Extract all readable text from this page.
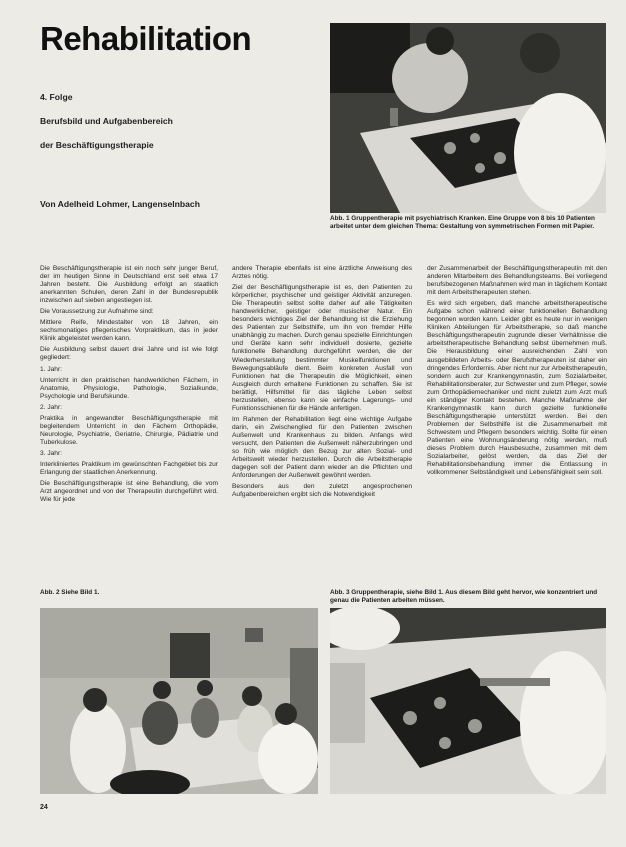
Rehabilitation
4. Folge
Berufsbild und Aufgabenbereich
der Beschäftigungstherapie
Von Adelheid Lohmer, Langenselnbach
Abb. 1 Gruppentherapie mit psychiatrisch Kranken. Eine Gruppe von 8 bis 10 Patienten arbeitet unter dem gleichen Thema: Gestaltung von symmetrischen Formen mit Papier.

Die Beschäftigungstherapie ist ein noch sehr junger Beruf, der im heutigen Sinne in Deutschland erst seit etwa 17 Jahren besteht. Die Ausbildung erfolgt an staatlich anerkannten Schulen, deren Zahl in der Bundesrepublik inzwischen auf sieben angestiegen ist.

Die Voraussetzung zur Aufnahme sind:

Mittlere Reife, Mindestalter von 18 Jahren, ein sechsmonatiges pflegerisches Vorpraktikum, das in jeder Klinik abgeleistet werden kann.

Die Ausbildung selbst dauert drei Jahre und ist wie folgt gegliedert:

1. Jahr:

Unterricht in den praktischen handwerklichen Fächern, in Anatomie, Physiologie, Pathologie, Sozialkunde, Psychologie und Berufskunde.

2. Jahr:

Praktika in angewandter Beschäftigungstherapie mit begleitendem Unterricht in den Fächern Orthopädie, Neurologie, Psychiatrie, Geriatrie, Chirurgie, Pädiatrie und Tuberkulose.

3. Jahr:

Interkliniertes Praktikum im gewünschten Fachgebiet bis zur Erlangung der staatlichen Anerkennung.

Die Beschäftigungstherapie ist eine Behandlung, die vom Arzt angeordnet und von der Therapeutin durchgeführt wird. Wie für jede

andere Therapie ebenfalls ist eine ärztliche Anweisung des Arztes nötig.

Ziel der Beschäftigungstherapie ist es, den Patienten zu körperlicher, psychischer und geistiger Aktivität anzuregen. Die Therapeutin selbst sollte daher auf alle Tätigkeiten handwerklicher, geistiger oder musischer Natur. Ein besonders wichtiges Ziel der Behandlung ist die Erziehung des Patienten zur Selbsthilfe, um ihn von fremder Hilfe unabhängig zu machen. Durch genau spezielle Einrichtungen und Geräte kann sehr individuell dosierte, gezielte funktionelle Behandlung durchgeführt werden, die der Wiederherstellung bestimmter Muskelfunktionen und Bewegungsabläufe dient. Beim konkreten Ausfall von Funktionen hat die Therapeutin die Möglichkeit, einen Ausgleich durch erhaltene Funktionen zu schaffen. Sie ist berättigt, Hilfsmittel für das tägliche Leben selbst herzustellen, ebenso kann sie einfache Lagerungs- und Funktionsschienen für die Hände anfertigen.

Im Rahmen der Rehabilitation liegt eine wichtige Aufgabe darin, ein Zwischenglied für den Patienten zwischen Außenwelt und Krankenhaus zu bilden. Anfangs wird versucht, den Patienten die Außenwelt näherzubringen und so früh wie möglich den Bezug zur alten Sozial- und Arbeitswelt wieder herzustellen. Durch die Arbeitstherapie dagegen soll der Patient dann wieder an die Pflichten und Anforderungen der Außenwelt gewöhnt werden.

Besonders aus den zuletzt angesprochenen Aufgabenbereichen ergibt sich die Notwendigkeit

der Zusammenarbeit der Beschäftigungstherapeutin mit den anderen Mitarbeitern des Behandlungsteams. Bei vorliegend berufsbezogenen Maßnahmen wird man in täglichem Kontakt mit dem Arbeitstherapeuten stehen.

Es wird sich ergeben, daß manche arbeitstherapeutische Aufgabe schon während einer funktionellen Behandlung begonnen worden kann. Leider gibt es heute nur in wenigen Kliniken Abteilungen für Arbeitstherapie, so daß manche Beschäftigungstherapeutin zugrunde dieser Verhältnisse die arbeitstherapeutische Behandlung selbst übernehmen muß. Die Herausbildung einer ausreichenden Zahl von ausgebildeten Arbeits- oder Berufstherapeuten ist daher ein dringendes Erfordernis. Aber nicht nur zur Arbeitstherapeutin, sondern auch zur Krankengymnastin, zum Sozialarbeiter, Rehabilitationsberater, zur Schwester und zum Pfleger, sowie zum Orthopädiemechaniker und nicht zuletzt zum Arzt muß ein ständiger Kontakt bestehen. Manche Maßnahme der Krankengymnastik kann durch gezielte funktionelle Beschäftigungstherapie unterstützt werden. Bei den Problemen der Selbsthilfe ist die Zusammenarbeit mit Schwestern und Pflegern besonders wichtig. Sollte für einen Patienten eine Wohnungsänderung nötig werden, muß dieses Problem durch Hausbesuche, zusammen mit dem Sozialarbeiter, gelöst werden, da das Ziel der Rehabilitationsbehandlung immer die Entlassung in vollkommener Selbständigkeit und Lebensfähigkeit sein soll.

Abb. 2 Siehe Bild 1.	Abb. 3 Gruppentherapie, siehe Bild 1. Aus diesem Bild geht hervor, wie konzentriert und genau die Patienten arbeiten müssen.
24
